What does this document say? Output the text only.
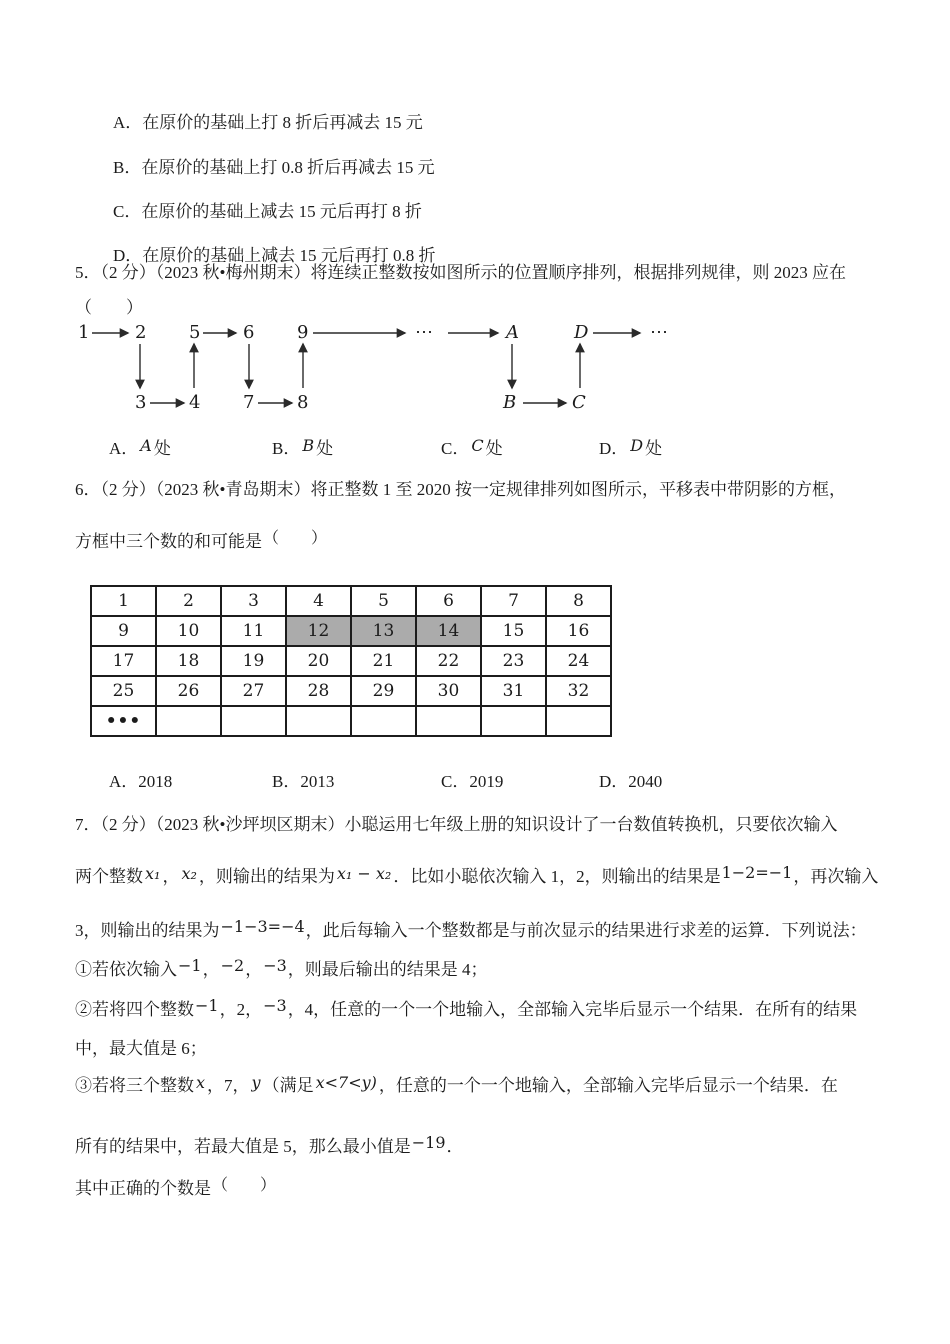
A．在原价的基础上打 8 折后再减去 15 元
B．在原价的基础上打 0.8 折后再减去 15 元
C．在原价的基础上减去 15 元后再打 8 折
D．在原价的基础上减去 15 元后再打 0.8 折
5．（2 分）（2023 秋•梅州期末）将连续正整数按如图所示的位置顺序排列，根据排列规律，则 2023 应在
（　　）
1	2 5 6 9	⋯	A	D	⋯
3 4 7 8	B	C
A． A 处	B． B 处	C． C 处	D． D 处
6．（2 分）（2023 秋•青岛期末）将正整数 1 至 2020 按一定规律排列如图所示，平移表中带阴影的方框，
方框中三个数的和可能是（　　）
1	2	3	4	5	6	7	8
9	10	11	12	13	14	15	16
17	18	19	20	21	22	23	24
25	26	27	28	29	30	31	32
•••							
A．2018	B．2013	C．2019	D．2040
7．（2 分）（2023 秋•沙坪坝区期末）小聪运用七年级上册的知识设计了一台数值转换机，只要依次输入
两个整数 x₁ ， x₂ ，则输出的结果为 x₁ − x₂ ．比如小聪依次输入 1，2，则输出的结果是1−2=−1，再次输入
3，则输出的结果为−1−3=−4，此后每输入一个整数都是与前次显示的结果进行求差的运算．下列说法：
①若依次输入−1，−2，−3，则最后输出的结果是 4；
②若将四个整数−1，2，−3，4，任意的一个一个地输入，全部输入完毕后显示一个结果．在所有的结果
中，最大值是 6；
③若将三个整数 x ，7， y （满足 x<7<y) ，任意的一个一个地输入，全部输入完毕后显示一个结果．在
所有的结果中，若最大值是 5，那么最小值是−19．
其中正确的个数是（　　）
